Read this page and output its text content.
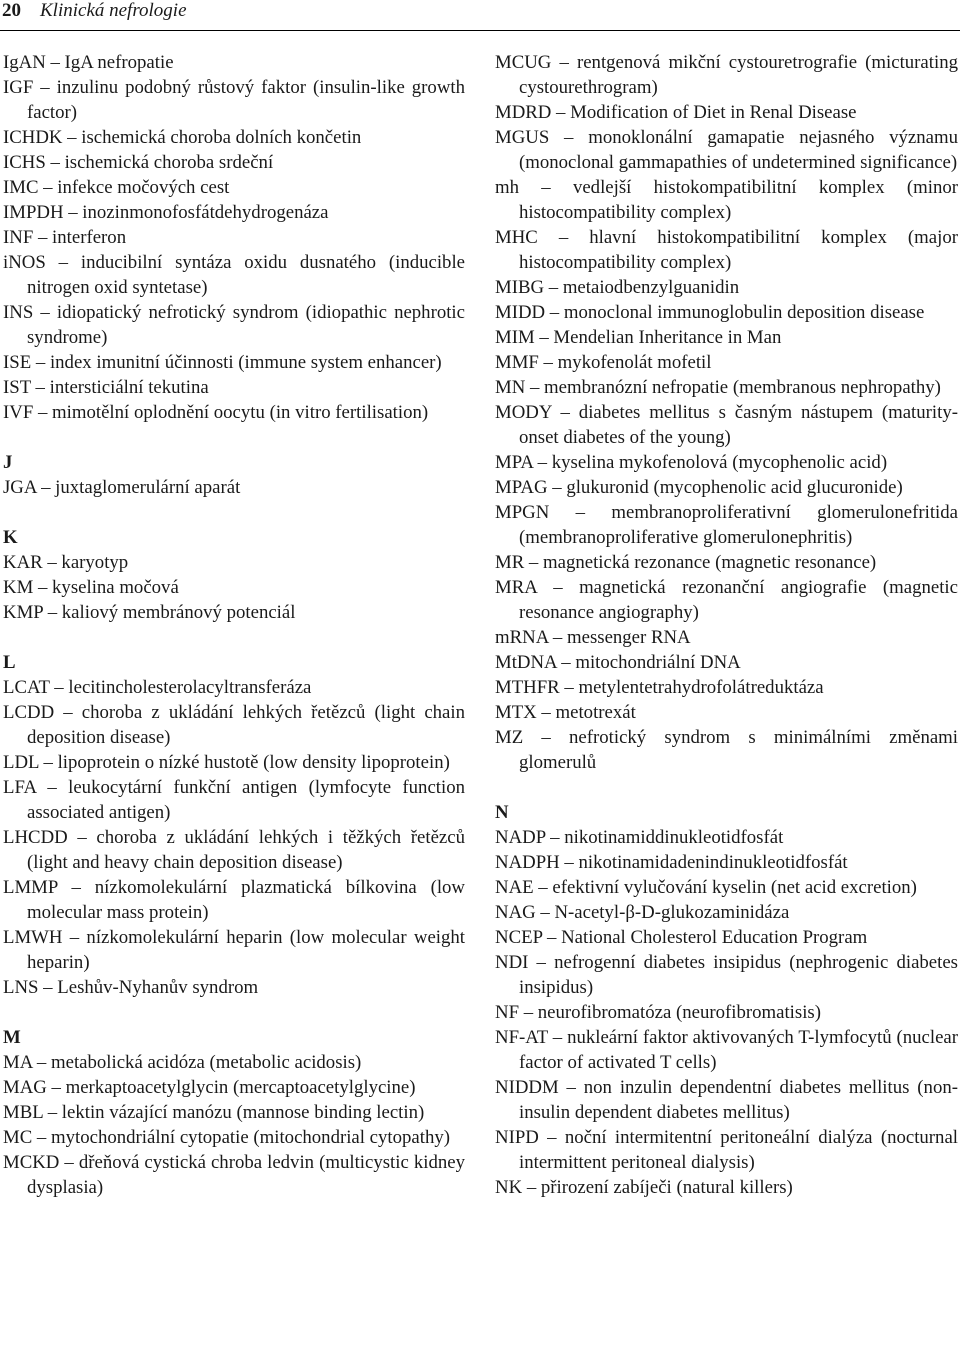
20 Klinická nefrologie
IgAN – IgA nefropatie
IGF – inzulinu podobný růstový faktor (insulin-like growth factor)
ICHDK – ischemická choroba dolních končetin
ICHS – ischemická choroba srdeční
IMC – infekce močových cest
IMPDH – inozinmonofosfátdehydrogenáza
INF – interferon
iNOS – inducibilní syntáza oxidu dusnatého (inducible nitrogen oxid syntetase)
INS – idiopatický nefrotický syndrom (idiopathic nephrotic syndrome)
ISE – index imunitní účinnosti (immune system enhancer)
IST – intersticiální tekutina
IVF – mimotělní oplodnění oocytu (in vitro fertilisation)
J
JGA – juxtaglomerulární aparát
K
KAR – karyotyp
KM – kyselina močová
KMP – kaliový membránový potenciál
L
LCAT – lecitincholesterolacyltransferáza
LCDD – choroba z ukládání lehkých řetězců (light chain deposition disease)
LDL – lipoprotein o nízké hustotě (low density lipoprotein)
LFA – leukocytární funkční antigen (lymfocyte function associated antigen)
LHCDD – choroba z ukládání lehkých i těžkých řetězců (light and heavy chain deposition disease)
LMMP – nízkomolekulární plazmatická bílkovina (low molecular mass protein)
LMWH – nízkomolekulární heparin (low molecular weight heparin)
LNS – Leshův-Nyhanův syndrom
M
MA – metabolická acidóza (metabolic acidosis)
MAG – merkaptoacetylglycin (mercaptoacetylglycine)
MBL – lektin vázající manózu (mannose binding lectin)
MC – mytochondriální cytopatie (mitochondrial cytopathy)
MCKD – dřeňová cystická chroba ledvin (multicystic kidney dysplasia)
MCUG – rentgenová mikční cystouretrografie (micturating cystourethrogram)
MDRD – Modification of Diet in Renal Disease
MGUS – monoklonální gamapatie nejasného významu (monoclonal gammapathies of undetermined significance)
mh – vedlejší histokompatibilitní komplex (minor histocompatibility complex)
MHC – hlavní histokompatibilitní komplex (major histocompatibility complex)
MIBG – metaiodbenzylguanidin
MIDD – monoclonal immunoglobulin deposition disease
MIM – Mendelian Inheritance in Man
MMF – mykofenolát mofetil
MN – membranózní nefropatie (membranous nephropathy)
MODY – diabetes mellitus s časným nástupem (maturity-onset diabetes of the young)
MPA – kyselina mykofenolová (mycophenolic acid)
MPAG – glukuronid (mycophenolic acid glucuronide)
MPGN – membranoproliferativní glomerulonefritida (membranoproliferative glomerulonephritis)
MR – magnetická rezonance (magnetic resonance)
MRA – magnetická rezonanční angiografie (magnetic resonance angiography)
mRNA – messenger RNA
MtDNA – mitochondriální DNA
MTHFR – metylentetrahydrofolátreduktáza
MTX – metotrexát
MZ – nefrotický syndrom s minimálními změnami glomerulů
N
NADP – nikotinamiddinukleotidfosfát
NADPH – nikotinamidadenindinukleotidfosfát
NAE – efektivní vylučování kyselin (net acid excretion)
NAG – N-acetyl-β-D-glukozaminidáza
NCEP – National Cholesterol Education Program
NDI – nefrogenní diabetes insipidus (nephrogenic diabetes insipidus)
NF – neurofibromatóza (neurofibromatisis)
NF-AT – nukleární faktor aktivovaných T-lymfocytů (nuclear factor of activated T cells)
NIDDM – non inzulin dependentní diabetes mellitus (non-insulin dependent diabetes mellitus)
NIPD – noční intermitentní peritoneální dialýza (nocturnal intermittent peritoneal dialysis)
NK – přirození zabíječi (natural killers)
